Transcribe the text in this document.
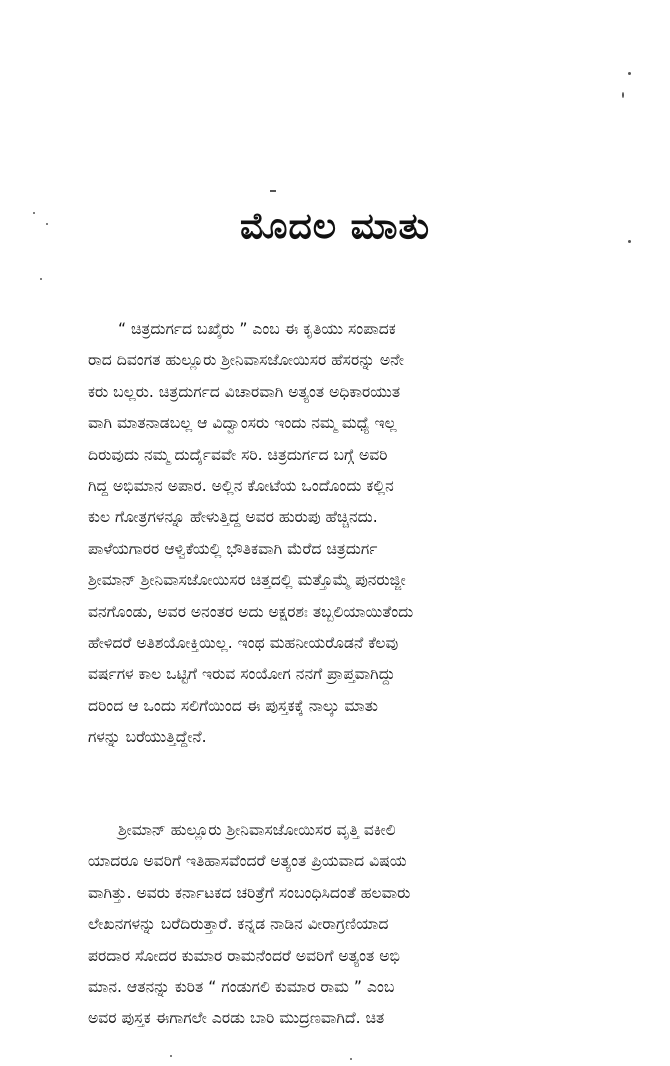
ಮೊದಲ ಮಾತು
“ ಚಿತ್ರದುರ್ಗದ ಬಖೈರು ” ಎಂಬ ಈ ಕೃತಿಯು ಸಂಪಾದಕ
ರಾದ ದಿವಂಗತ ಹುಲ್ಲೂರು ಶ್ರೀನಿವಾಸಜೋಯಿಸರ ಹೆಸರನ್ನು ಅನೇ
ಕರು ಬಲ್ಲರು. ಚಿತ್ರದುರ್ಗದ ವಿಚಾರವಾಗಿ ಅತ್ಯಂತ ಅಧಿಕಾರಯುತ
ವಾಗಿ ಮಾತನಾಡಬಲ್ಲ ಆ ವಿದ್ವಾಂಸರು ಇಂದು ನಮ್ಮ ಮಧ್ಯೆ ಇಲ್ಲ
ದಿರುವುದು ನಮ್ಮ ದುರ್ದೈವವೇ ಸರಿ. ಚಿತ್ರದುರ್ಗದ ಬಗ್ಗೆ ಅವರಿ
ಗಿದ್ದ ಅಭಿಮಾನ ಅಪಾರ. ಅಲ್ಲಿನ ಕೋಟೆಯ ಒಂದೊಂದು ಕಲ್ಲಿನ
ಕುಲ ಗೋತ್ರಗಳನ್ನೂ ಹೇಳುತ್ತಿದ್ದ ಅವರ ಹುರುಪು ಹೆಚ್ಚಿನದು.
ಪಾಳೆಯಗಾರರ ಆಳ್ವಿಕೆಯಲ್ಲಿ ಭೌತಿಕವಾಗಿ ಮೆರೆದ ಚಿತ್ರದುರ್ಗ
ಶ್ರೀಮಾನ್ ಶ್ರೀನಿವಾಸಜೋಯಿಸರ ಚಿತ್ತದಲ್ಲಿ ಮತ್ತೊಮ್ಮೆ ಪುನರುಜ್ಜೀ
ವನಗೊಂಡು, ಅವರ ಅನಂತರ ಅದು ಅಕ್ಷರಶಃ ತಬ್ಬಲಿಯಾಯಿತೆಂದು
ಹೇಳಿದರೆ ಅತಿಶಯೋಕ್ತಿಯಿಲ್ಲ. ಇಂಥ ಮಹನೀಯರೊಡನೆ ಕೆಲವು
ವರ್ಷಗಳ ಕಾಲ ಒಟ್ಟಿಗೆ ಇರುವ ಸಂಯೋಗ ನನಗೆ ಪ್ರಾಪ್ತವಾಗಿದ್ದು
ದರಿಂದ ಆ ಒಂದು ಸಲಿಗೆಯಿಂದ ಈ ಪುಸ್ತಕಕ್ಕೆ ನಾಲ್ಕು ಮಾತು
ಗಳನ್ನು ಬರೆಯುತ್ತಿದ್ದೇನೆ.
ಶ್ರೀಮಾನ್ ಹುಲ್ಲೂರು ಶ್ರೀನಿವಾಸಜೋಯಿಸರ ವೃತ್ತಿ ವಕೀಲಿ
ಯಾದರೂ ಅವರಿಗೆ ಇತಿಹಾಸವೆಂದರೆ ಅತ್ಯಂತ ಪ್ರಿಯವಾದ ವಿಷಯ
ವಾಗಿತ್ತು. ಅವರು ಕರ್ನಾಟಕದ ಚರಿತ್ರೆಗೆ ಸಂಬಂಧಿಸಿದಂತೆ ಹಲವಾರು
ಲೇಖನಗಳನ್ನು ಬರೆದಿರುತ್ತಾರೆ. ಕನ್ನಡ ನಾಡಿನ ವೀರಾಗ್ರಣಿಯಾದ
ಪರದಾರ ಸೋದರ ಕುಮಾರ ರಾಮನೆಂದರೆ ಅವರಿಗೆ ಅತ್ಯಂತ ಅಭಿ
ಮಾನ. ಆತನನ್ನು ಕುರಿತ “ ಗಂಡುಗಲಿ ಕುಮಾರ ರಾಮ ” ಎಂಬ
ಅವರ ಪುಸ್ತಕ ಈಗಾಗಲೇ ಎರಡು ಬಾರಿ ಮುದ್ರಣವಾಗಿದೆ. ಚಿತ
